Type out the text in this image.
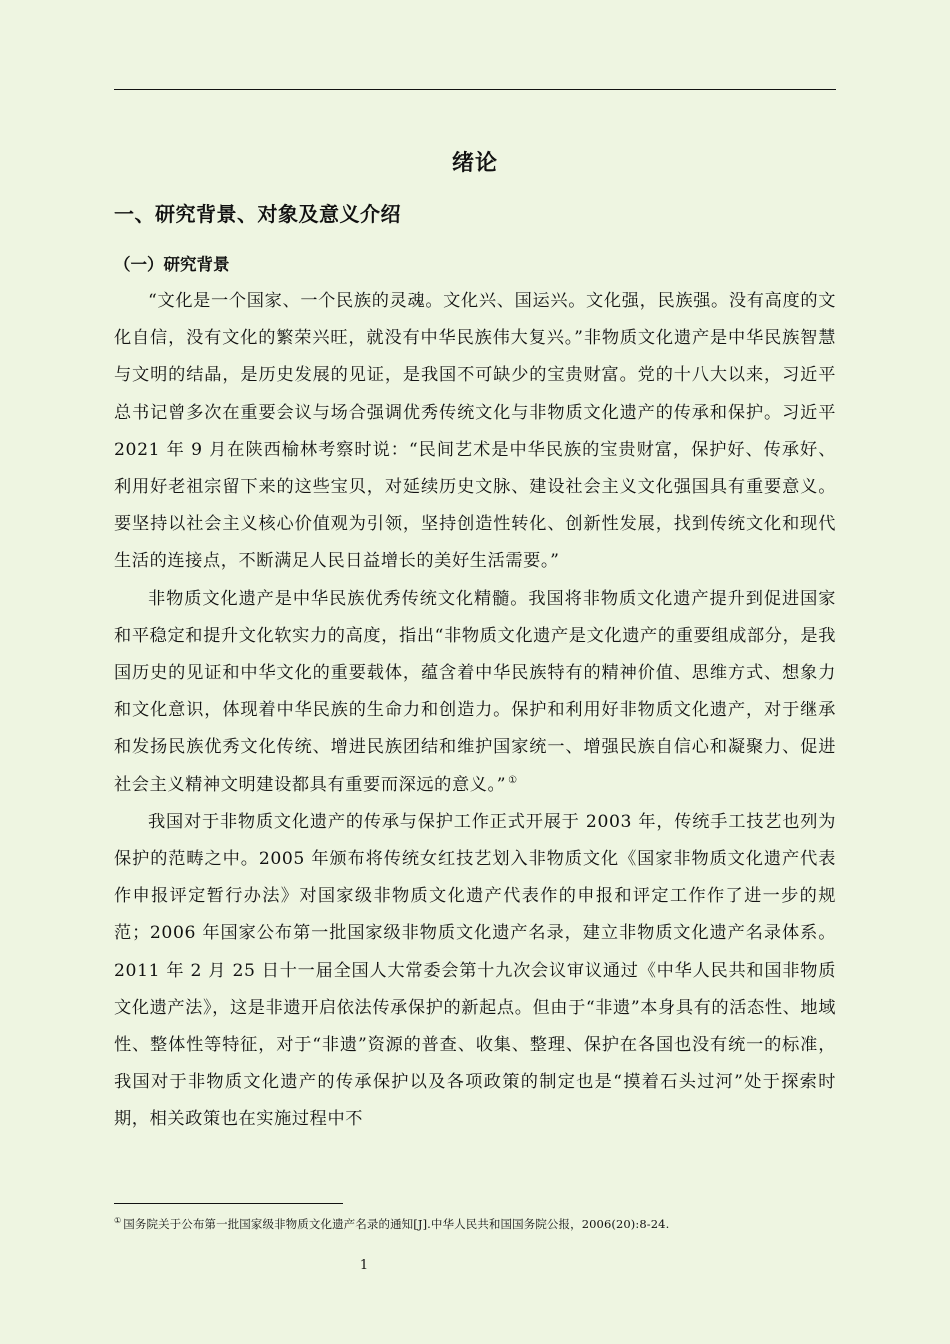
绪论
一、研究背景、对象及意义介绍
（一）研究背景

“文化是一个国家、一个民族的灵魂。文化兴、国运兴。文化强，民族强。没有高度的文化自信，没有文化的繁荣兴旺，就没有中华民族伟大复兴。”非物质文化遗产是中华民族智慧与文明的结晶，是历史发展的见证，是我国不可缺少的宝贵财富。党的十八大以来，习近平总书记曾多次在重要会议与场合强调优秀传统文化与非物质文化遗产的传承和保护。习近平 2021 年 9 月在陕西榆林考察时说：“民间艺术是中华民族的宝贵财富，保护好、传承好、利用好老祖宗留下来的这些宝贝，对延续历史文脉、建设社会主义文化强国具有重要意义。要坚持以社会主义核心价值观为引领，坚持创造性转化、创新性发展，找到传统文化和现代生活的连接点，不断满足人民日益增长的美好生活需要。”

非物质文化遗产是中华民族优秀传统文化精髓。我国将非物质文化遗产提升到促进国家和平稳定和提升文化软实力的高度，指出“非物质文化遗产是文化遗产的重要组成部分，是我国历史的见证和中华文化的重要载体，蕴含着中华民族特有的精神价值、思维方式、想象力和文化意识，体现着中华民族的生命力和创造力。保护和利用好非物质文化遗产，对于继承和发扬民族优秀文化传统、增进民族团结和维护国家统一、增强民族自信心和凝聚力、促进社会主义精神文明建设都具有重要而深远的意义。” ①

我国对于非物质文化遗产的传承与保护工作正式开展于 2003 年，传统手工技艺也列为保护的范畴之中。2005 年颁布将传统女红技艺划入非物质文化《国家非物质文化遗产代表作申报评定暂行办法》对国家级非物质文化遗产代表作的申报和评定工作作了进一步的规范；2006 年国家公布第一批国家级非物质文化遗产名录，建立非物质文化遗产名录体系。2011 年 2 月 25 日十一届全国人大常委会第十九次会议审议通过《中华人民共和国非物质文化遗产法》，这是非遗开启依法传承保护的新起点。但由于“非遗”本身具有的活态性、地域性、整体性等特征，对于“非遗”资源的普查、收集、整理、保护在各国也没有统一的标准，我国对于非物质文化遗产的传承保护以及各项政策的制定也是“摸着石头过河”处于探索时期，相关政策也在实施过程中不

① 国务院关于公布第一批国家级非物质文化遗产名录的通知[J].中华人民共和国国务院公报，2006(20):8-24.
1
